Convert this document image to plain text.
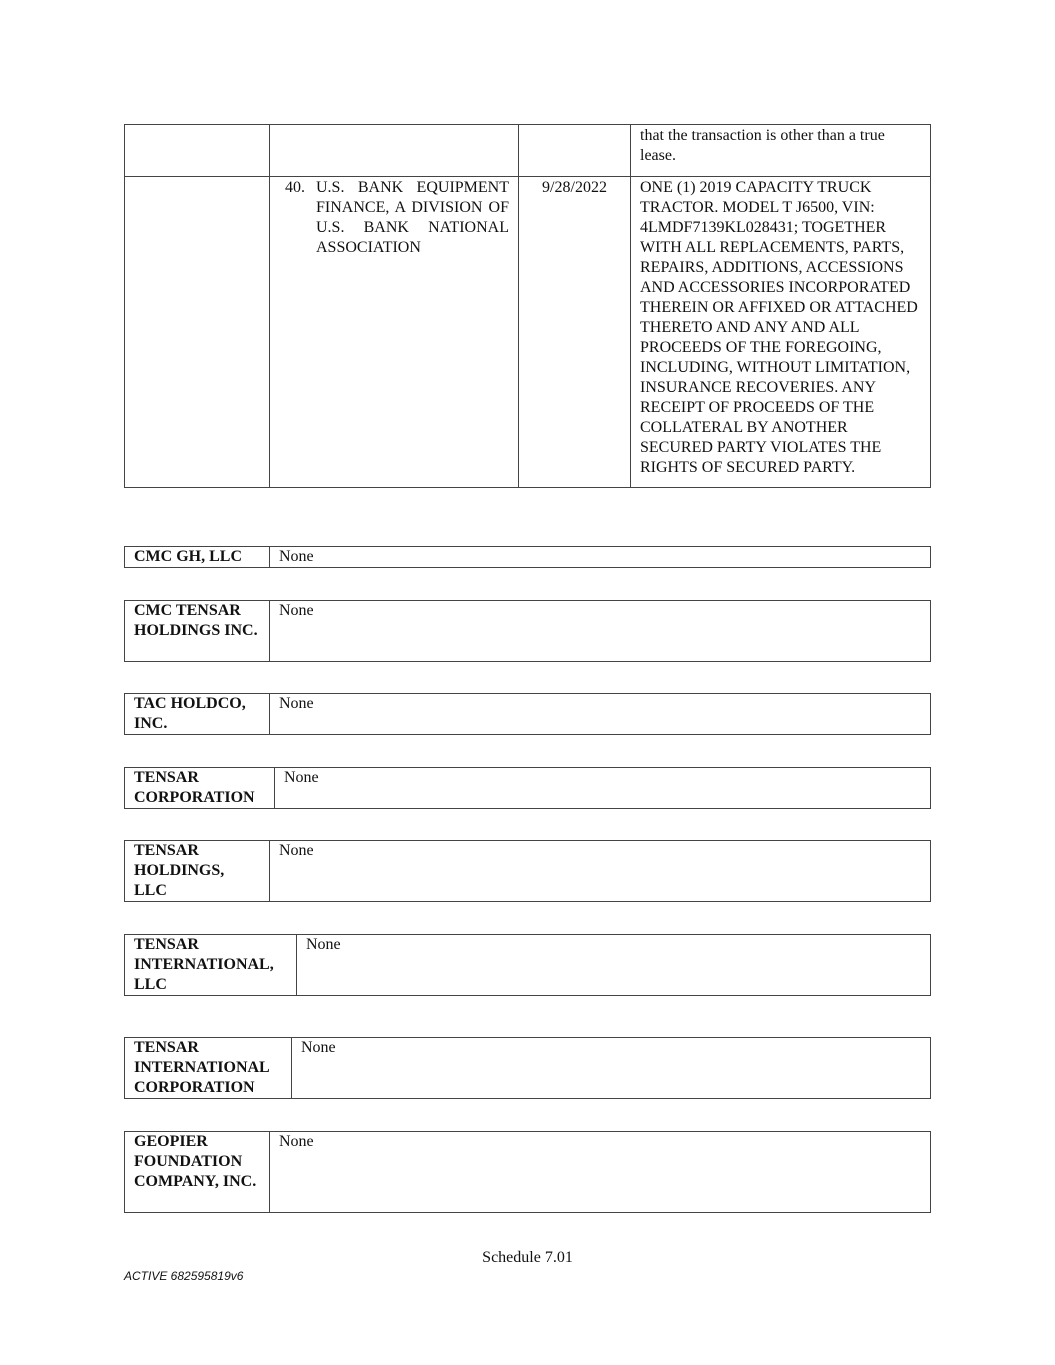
			that the transaction is other than a true lease.

	40. U.S. BANK EQUIPMENT FINANCE, A DIVISION OF U.S. BANK NATIONAL ASSOCIATION	9/28/2022	ONE (1) 2019 CAPACITY TRUCK TRACTOR. MODEL T J6500, VIN: 4LMDF7139KL028431; TOGETHER WITH ALL REPLACEMENTS, PARTS, REPAIRS, ADDITIONS, ACCESSIONS AND ACCESSORIES INCORPORATED THEREIN OR AFFIXED OR ATTACHED THERETO AND ANY AND ALL PROCEEDS OF THE FOREGOING, INCLUDING, WITHOUT LIMITATION, INSURANCE RECOVERIES. ANY RECEIPT OF PROCEEDS OF THE COLLATERAL BY ANOTHER SECURED PARTY VIOLATES THE RIGHTS OF SECURED PARTY.
CMC GH, LLC	None
CMC TENSAR HOLDINGS INC.	None
TAC HOLDCO, INC.	None
TENSAR CORPORATION	None
TENSAR HOLDINGS, LLC	None
TENSAR INTERNATIONAL, LLC	None
TENSAR INTERNATIONAL CORPORATION	None
GEOPIER FOUNDATION COMPANY, INC.	None
Schedule 7.01
ACTIVE 682595819v6
